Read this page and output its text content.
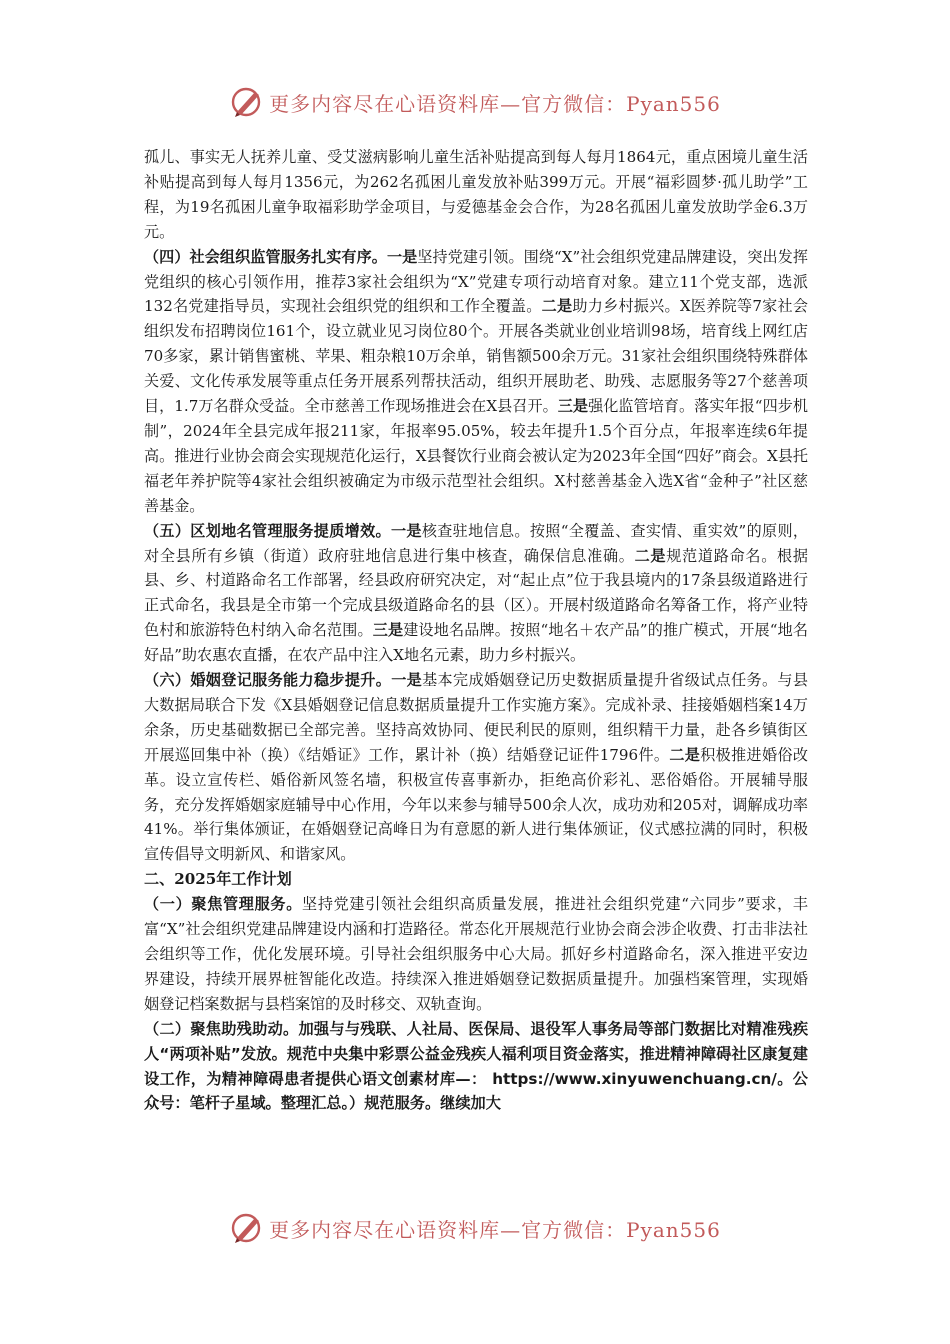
更多内容尽在心语资料库—官方微信：Pyan556

孤儿、事实无人抚养儿童、受艾滋病影响儿童生活补贴提高到每人每月1864元，重点困境儿童生活补贴提高到每人每月1356元，为262名孤困儿童发放补贴399万元。开展“福彩圆梦·孤儿助学”工程，为19名孤困儿童争取福彩助学金项目，与爱德基金会合作，为28名孤困儿童发放助学金6.3万元。

（四）社会组织监管服务扎实有序。一是坚持党建引领。围绕“X”社会组织党建品牌建设，突出发挥党组织的核心引领作用，推荐3家社会组织为“X”党建专项行动培育对象。建立11个党支部，选派132名党建指导员，实现社会组织党的组织和工作全覆盖。二是助力乡村振兴。X医养院等7家社会组织发布招聘岗位161个，设立就业见习岗位80个。开展各类就业创业培训98场，培育线上网红店70多家，累计销售蜜桃、苹果、粗杂粮10万余单，销售额500余万元。31家社会组织围绕特殊群体关爱、文化传承发展等重点任务开展系列帮扶活动，组织开展助老、助残、志愿服务等27个慈善项目，1.7万名群众受益。全市慈善工作现场推进会在X县召开。三是强化监管培育。落实年报“四步机制”，2024年全县完成年报211家，年报率95.05%，较去年提升1.5个百分点，年报率连续6年提高。推进行业协会商会实现规范化运行，X县餐饮行业商会被认定为2023年全国“四好”商会。X县托福老年养护院等4家社会组织被确定为市级示范型社会组织。X村慈善基金入选X省“金种子”社区慈善基金。

（五）区划地名管理服务提质增效。一是核查驻地信息。按照“全覆盖、查实情、重实效”的原则，对全县所有乡镇（街道）政府驻地信息进行集中核查，确保信息准确。二是规范道路命名。根据县、乡、村道路命名工作部署，经县政府研究决定，对“起止点”位于我县境内的17条县级道路进行正式命名，我县是全市第一个完成县级道路命名的县（区）。开展村级道路命名筹备工作，将产业特色村和旅游特色村纳入命名范围。三是建设地名品牌。按照“地名＋农产品”的推广模式，开展“地名好品”助农惠农直播，在农产品中注入X地名元素，助力乡村振兴。

（六）婚姻登记服务能力稳步提升。一是基本完成婚姻登记历史数据质量提升省级试点任务。与县大数据局联合下发《X县婚姻登记信息数据质量提升工作实施方案》。完成补录、挂接婚姻档案14万余条，历史基础数据已全部完善。坚持高效协同、便民利民的原则，组织精干力量，赴各乡镇街区开展巡回集中补（换）《结婚证》工作，累计补（换）结婚登记证件1796件。二是积极推进婚俗改革。设立宣传栏、婚俗新风签名墙，积极宣传喜事新办，拒绝高价彩礼、恶俗婚俗。开展辅导服务，充分发挥婚姻家庭辅导中心作用，今年以来参与辅导500余人次，成功劝和205对，调解成功率41%。举行集体颁证，在婚姻登记高峰日为有意愿的新人进行集体颁证，仪式感拉满的同时，积极宣传倡导文明新风、和谐家风。

二、2025年工作计划

（一）聚焦管理服务。坚持党建引领社会组织高质量发展，推进社会组织党建“六同步”要求，丰富“X”社会组织党建品牌建设内涵和打造路径。常态化开展规范行业协会商会涉企收费、打击非法社会组织等工作，优化发展环境。引导社会组织服务中心大局。抓好乡村道路命名，深入推进平安边界建设，持续开展界桩智能化改造。持续深入推进婚姻登记数据质量提升。加强档案管理，实现婚姻登记档案数据与县档案馆的及时移交、双轨查询。

（二）聚焦助残助动。加强与与残联、人社局、医保局、退役军人事务局等部门数据比对精准残疾人“两项补贴”发放。规范中央集中彩票公益金残疾人福利项目资金落实，推进精神障碍社区康复建设工作，为精神障碍患者提供心语文创素材库—： https://www.xinyuwenchuang.cn/。公众号：笔杆子星域。整理汇总。）规范服务。继续加大

更多内容尽在心语资料库—官方微信：Pyan556
